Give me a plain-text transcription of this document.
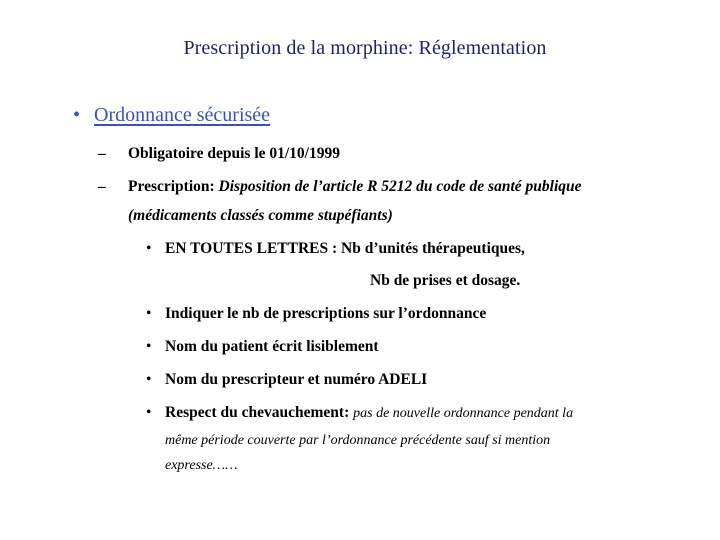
Prescription de la morphine: Réglementation
• Ordonnance sécurisée
– Obligatoire depuis le 01/10/1999
– Prescription: Disposition de l’article R 5212 du code de santé publique
(médicaments classés comme stupéfiants)
• EN TOUTES LETTRES : Nb d’unités thérapeutiques,
Nb de prises et dosage.
• Indiquer le nb de prescriptions sur l’ordonnance
• Nom du patient écrit lisiblement
• Nom du prescripteur et numéro ADELI
• Respect du chevauchement: pas de nouvelle ordonnance pendant la
même période couverte par l’ordonnance précédente sauf si mention
expresse……
